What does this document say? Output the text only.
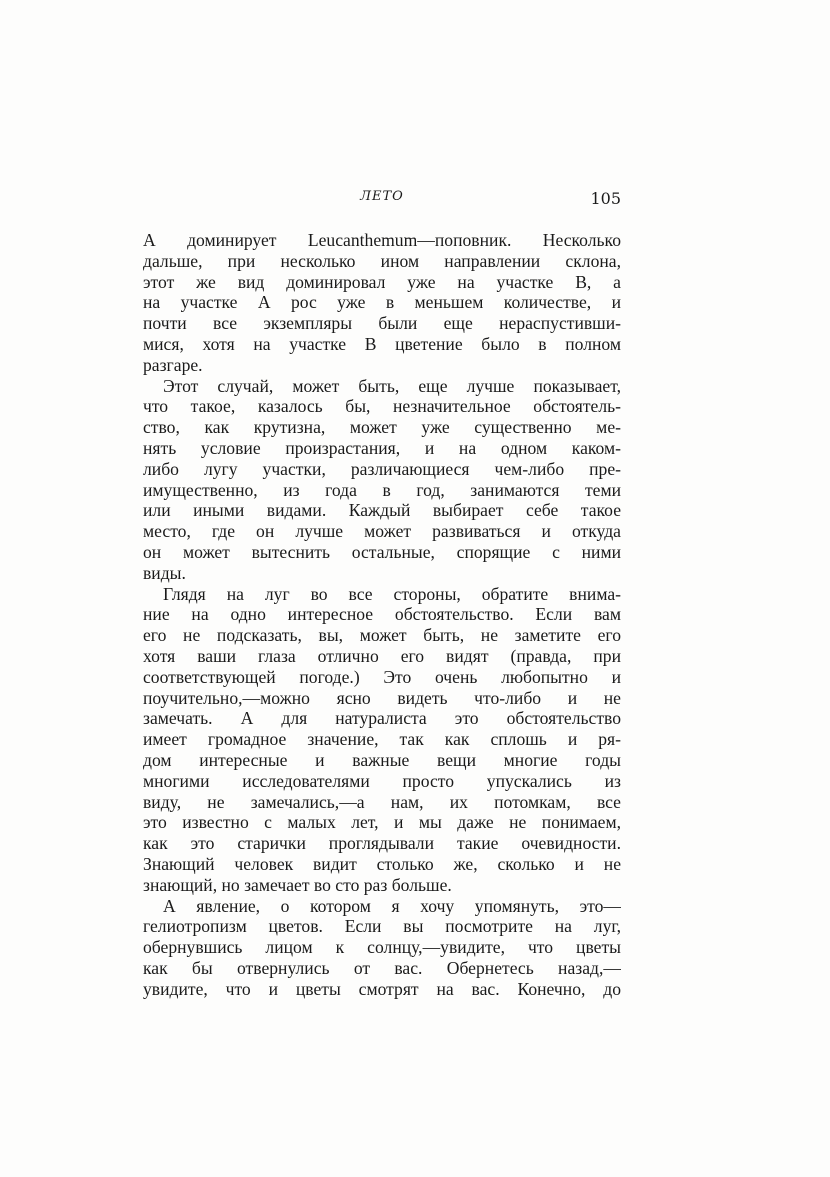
ЛЕТО	105
А доминирует Leucanthemum—поповник. Несколько
дальше, при несколько ином направлении склона,
этот же вид доминировал уже на участке В, а
на участке А рос уже в меньшем количестве, и
почти все экземпляры были еще нераспустивши-
мися, хотя на участке В цветение было в полном
разгаре.
Этот случай, может быть, еще лучше показывает,
что такое, казалось бы, незначительное обстоятель-
ство, как крутизна, может уже существенно ме-
нять условие произрастания, и на одном каком-
либо лугу участки, различающиеся чем-либо пре-
имущественно, из года в год, занимаются теми
или иными видами. Каждый выбирает себе такое
место, где он лучше может развиваться и откуда
он может вытеснить остальные, спорящие с ними
виды.
Глядя на луг во все стороны, обратите внима-
ние на одно интересное обстоятельство. Если вам
его не подсказать, вы, может быть, не заметите его
хотя ваши глаза отлично его видят (правда, при
соответствующей погоде.) Это очень любопытно и
поучительно,—можно ясно видеть что-либо и не
замечать. А для натуралиста это обстоятельство
имеет громадное значение, так как сплошь и ря-
дом интересные и важные вещи многие годы
многими исследователями просто упускались из
виду, не замечались,—а нам, их потомкам, все
это известно с малых лет, и мы даже не понимаем,
как это старички проглядывали такие очевидности.
Знающий человек видит столько же, сколько и не
знающий, но замечает во сто раз больше.
А явление, о котором я хочу упомянуть, это—
гелиотропизм цветов. Если вы посмотрите на луг,
обернувшись лицом к солнцу,—увидите, что цветы
как бы отвернулись от вас. Обернетесь назад,—
увидите, что и цветы смотрят на вас. Конечно, до
